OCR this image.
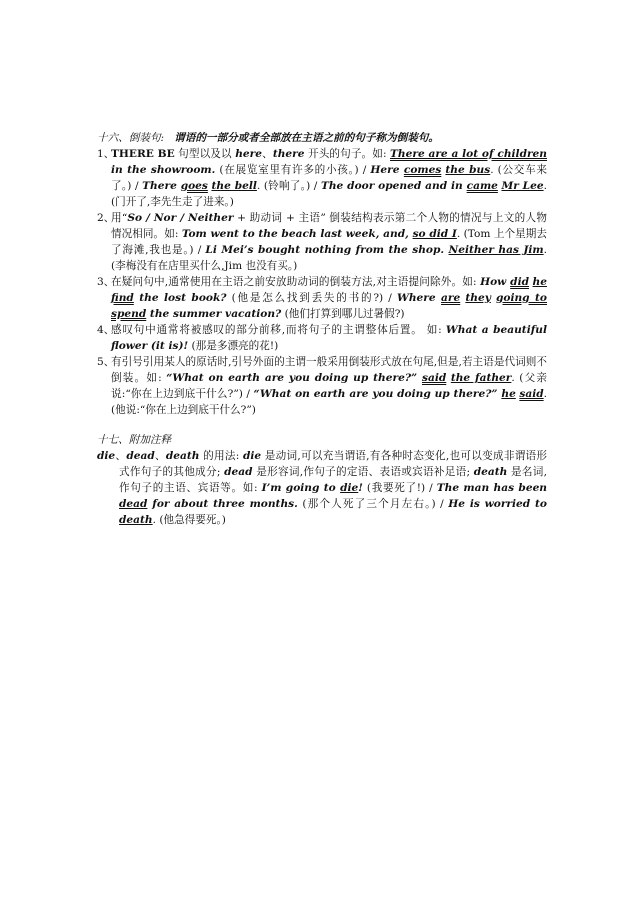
十六、倒装句: 谓语的一部分或者全部放在主语之前的句子称为倒装句。

1、
THERE BE 句型以及以 here、there 开头的句子。如: There are a lot of children in the showroom. (在展览室里有许多的小孩。) / Here comes the bus. (公交车来了。) / There goes the bell. (铃响了。) / The door opened and in came Mr Lee. (门开了,李先生走了进来。)

2、
用“So / Nor / Neither + 助动词 + 主语” 倒装结构表示第二个人物的情况与上文的人物情况相同。如: Tom went to the beach last week, and, so did I. (Tom 上个星期去了海滩,我也是。) / Li Mei’s bought nothing from the shop. Neither has Jim. (李梅没有在店里买什么,Jim 也没有买。)

3、
在疑问句中,通常使用在主语之前安放助动词的倒装方法,对主语提问除外。如: How did he find the lost book? (他是怎么找到丢失的书的?) / Where are they going to spend the summer vacation? (他们打算到哪儿过暑假?)

4、
感叹句中通常将被感叹的部分前移,而将句子的主谓整体后置。 如: What a beautiful flower (it is)! (那是多漂亮的花!)

5、
有引号引用某人的原话时,引号外面的主谓一般采用倒装形式放在句尾,但是,若主语是代词则不倒装。如: “What on earth are you doing up there?” said the father. (父亲说:“你在上边到底干什么?”) / “What on earth are you doing up there?” he said. (他说:“你在上边到底干什么?”)

十七、附加注释

die、dead、death 的用法: die 是动词,可以充当谓语,有各种时态变化,也可以变成非谓语形式作句子的其他成分; dead 是形容词,作句子的定语、表语或宾语补足语; death 是名词,作句子的主语、宾语等。如: I’m going to die! (我要死了!) / The man has been dead for about three months. (那个人死了三个月左右。) / He is worried to death. (他急得要死。)
